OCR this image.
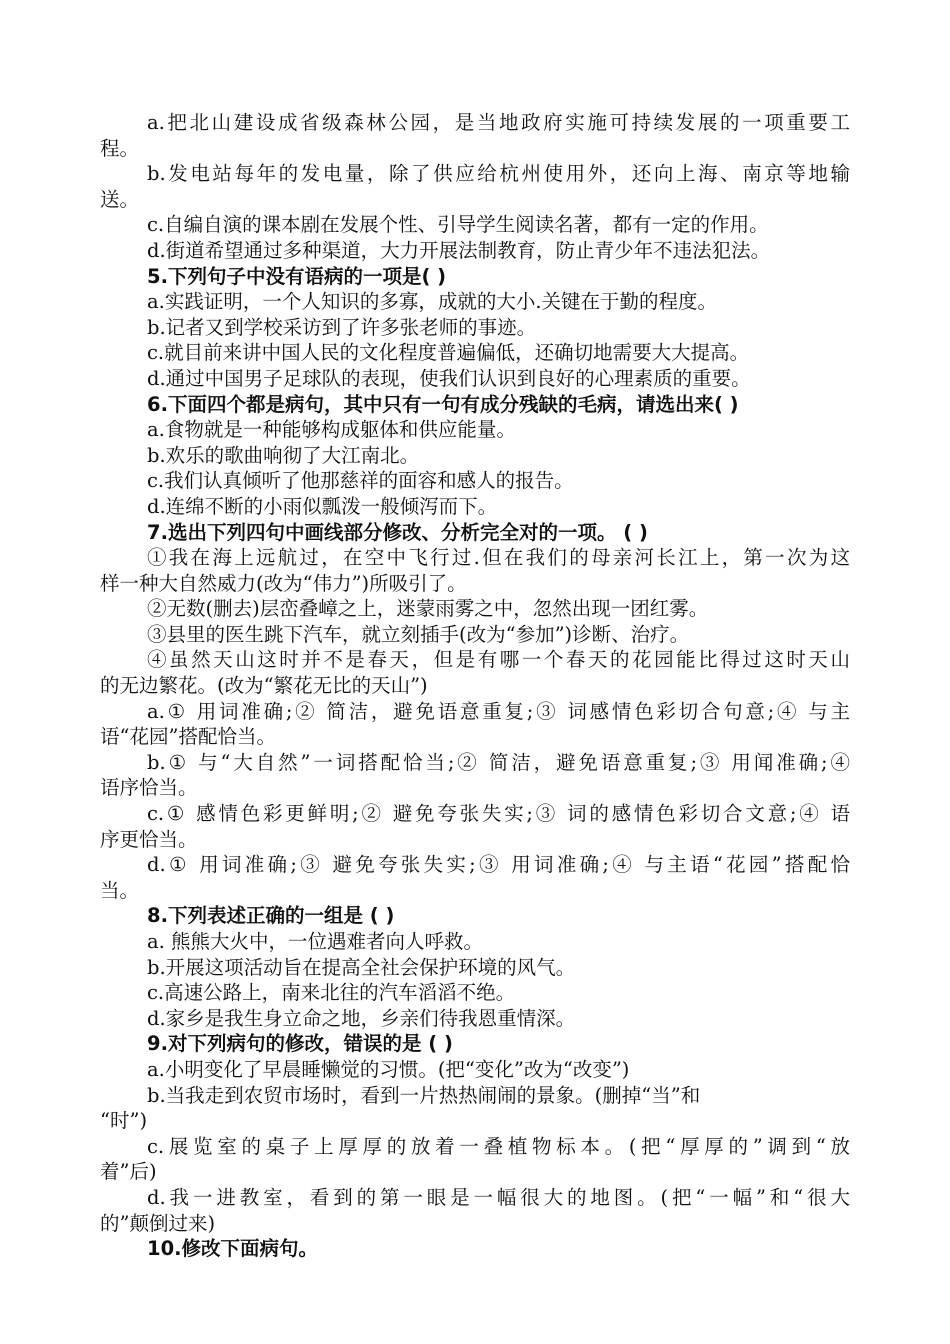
a.把北山建设成省级森林公园，是当地政府实施可持续发展的一项重要工
程。
b.发电站每年的发电量，除了供应给杭州使用外，还向上海、南京等地输
送。
c.自编自演的课本剧在发展个性、引导学生阅读名著，都有一定的作用。
d.街道希望通过多种渠道，大力开展法制教育，防止青少年不违法犯法。
5.下列句子中没有语病的一项是( )
a.实践证明，一个人知识的多寡，成就的大小.关键在于勤的程度。
b.记者又到学校采访到了许多张老师的事迹。
c.就目前来讲中国人民的文化程度普遍偏低，还确切地需要大大提高。
d.通过中国男子足球队的表现，使我们认识到良好的心理素质的重要。
6.下面四个都是病句，其中只有一句有成分残缺的毛病，请选出来( )
a.食物就是一种能够构成躯体和供应能量。
b.欢乐的歌曲响彻了大江南北。
c.我们认真倾听了他那慈祥的面容和感人的报告。
d.连绵不断的小雨似瓢泼一般倾泻而下。
7.选出下列四句中画线部分修改、分析完全对的一项。 ( )
①我在海上远航过，在空中飞行过.但在我们的母亲河长江上，第一次为这
样一种大自然威力(改为“伟力”)所吸引了。
②无数(删去)层峦叠嶂之上，迷蒙雨雾之中，忽然出现一团红雾。
③县里的医生跳下汽车，就立刻插手(改为“参加”)诊断、治疗。
④虽然天山这时并不是春天，但是有哪一个春天的花园能比得过这时天山
的无边繁花。(改为“繁花无比的天山”)
a.① 用词准确;② 简洁，避免语意重复;③ 词感情色彩切合句意;④ 与主
语“花园”搭配恰当。
b.① 与“大自然”一词搭配恰当;② 简洁，避免语意重复;③ 用闻准确;④
语序恰当。
c.① 感情色彩更鲜明;② 避免夸张失实;③ 词的感情色彩切合文意;④ 语
序更恰当。
d.① 用词准确;③ 避免夸张失实;③ 用词准确;④ 与主语“花园”搭配恰
当。
8.下列表述正确的一组是 ( )
a. 熊熊大火中，一位遇难者向人呼救。
b.开展这项活动旨在提高全社会保护环境的风气。
c.高速公路上，南来北往的汽车滔滔不绝。
d.家乡是我生身立命之地，乡亲们待我恩重情深。
9.对下列病句的修改，错误的是 ( )
a.小明变化了早晨睡懒觉的习惯。(把“变化”改为“改变”)
b.当我走到农贸市场时，看到一片热热闹闹的景象。(删掉“当”和
“时”)
c.展览室的桌子上厚厚的放着一叠植物标本。(把“厚厚的”调到“放
着”后)
d.我一进教室，看到的第一眼是一幅很大的地图。(把“一幅”和“很大
的”颠倒过来)
10.修改下面病句。
